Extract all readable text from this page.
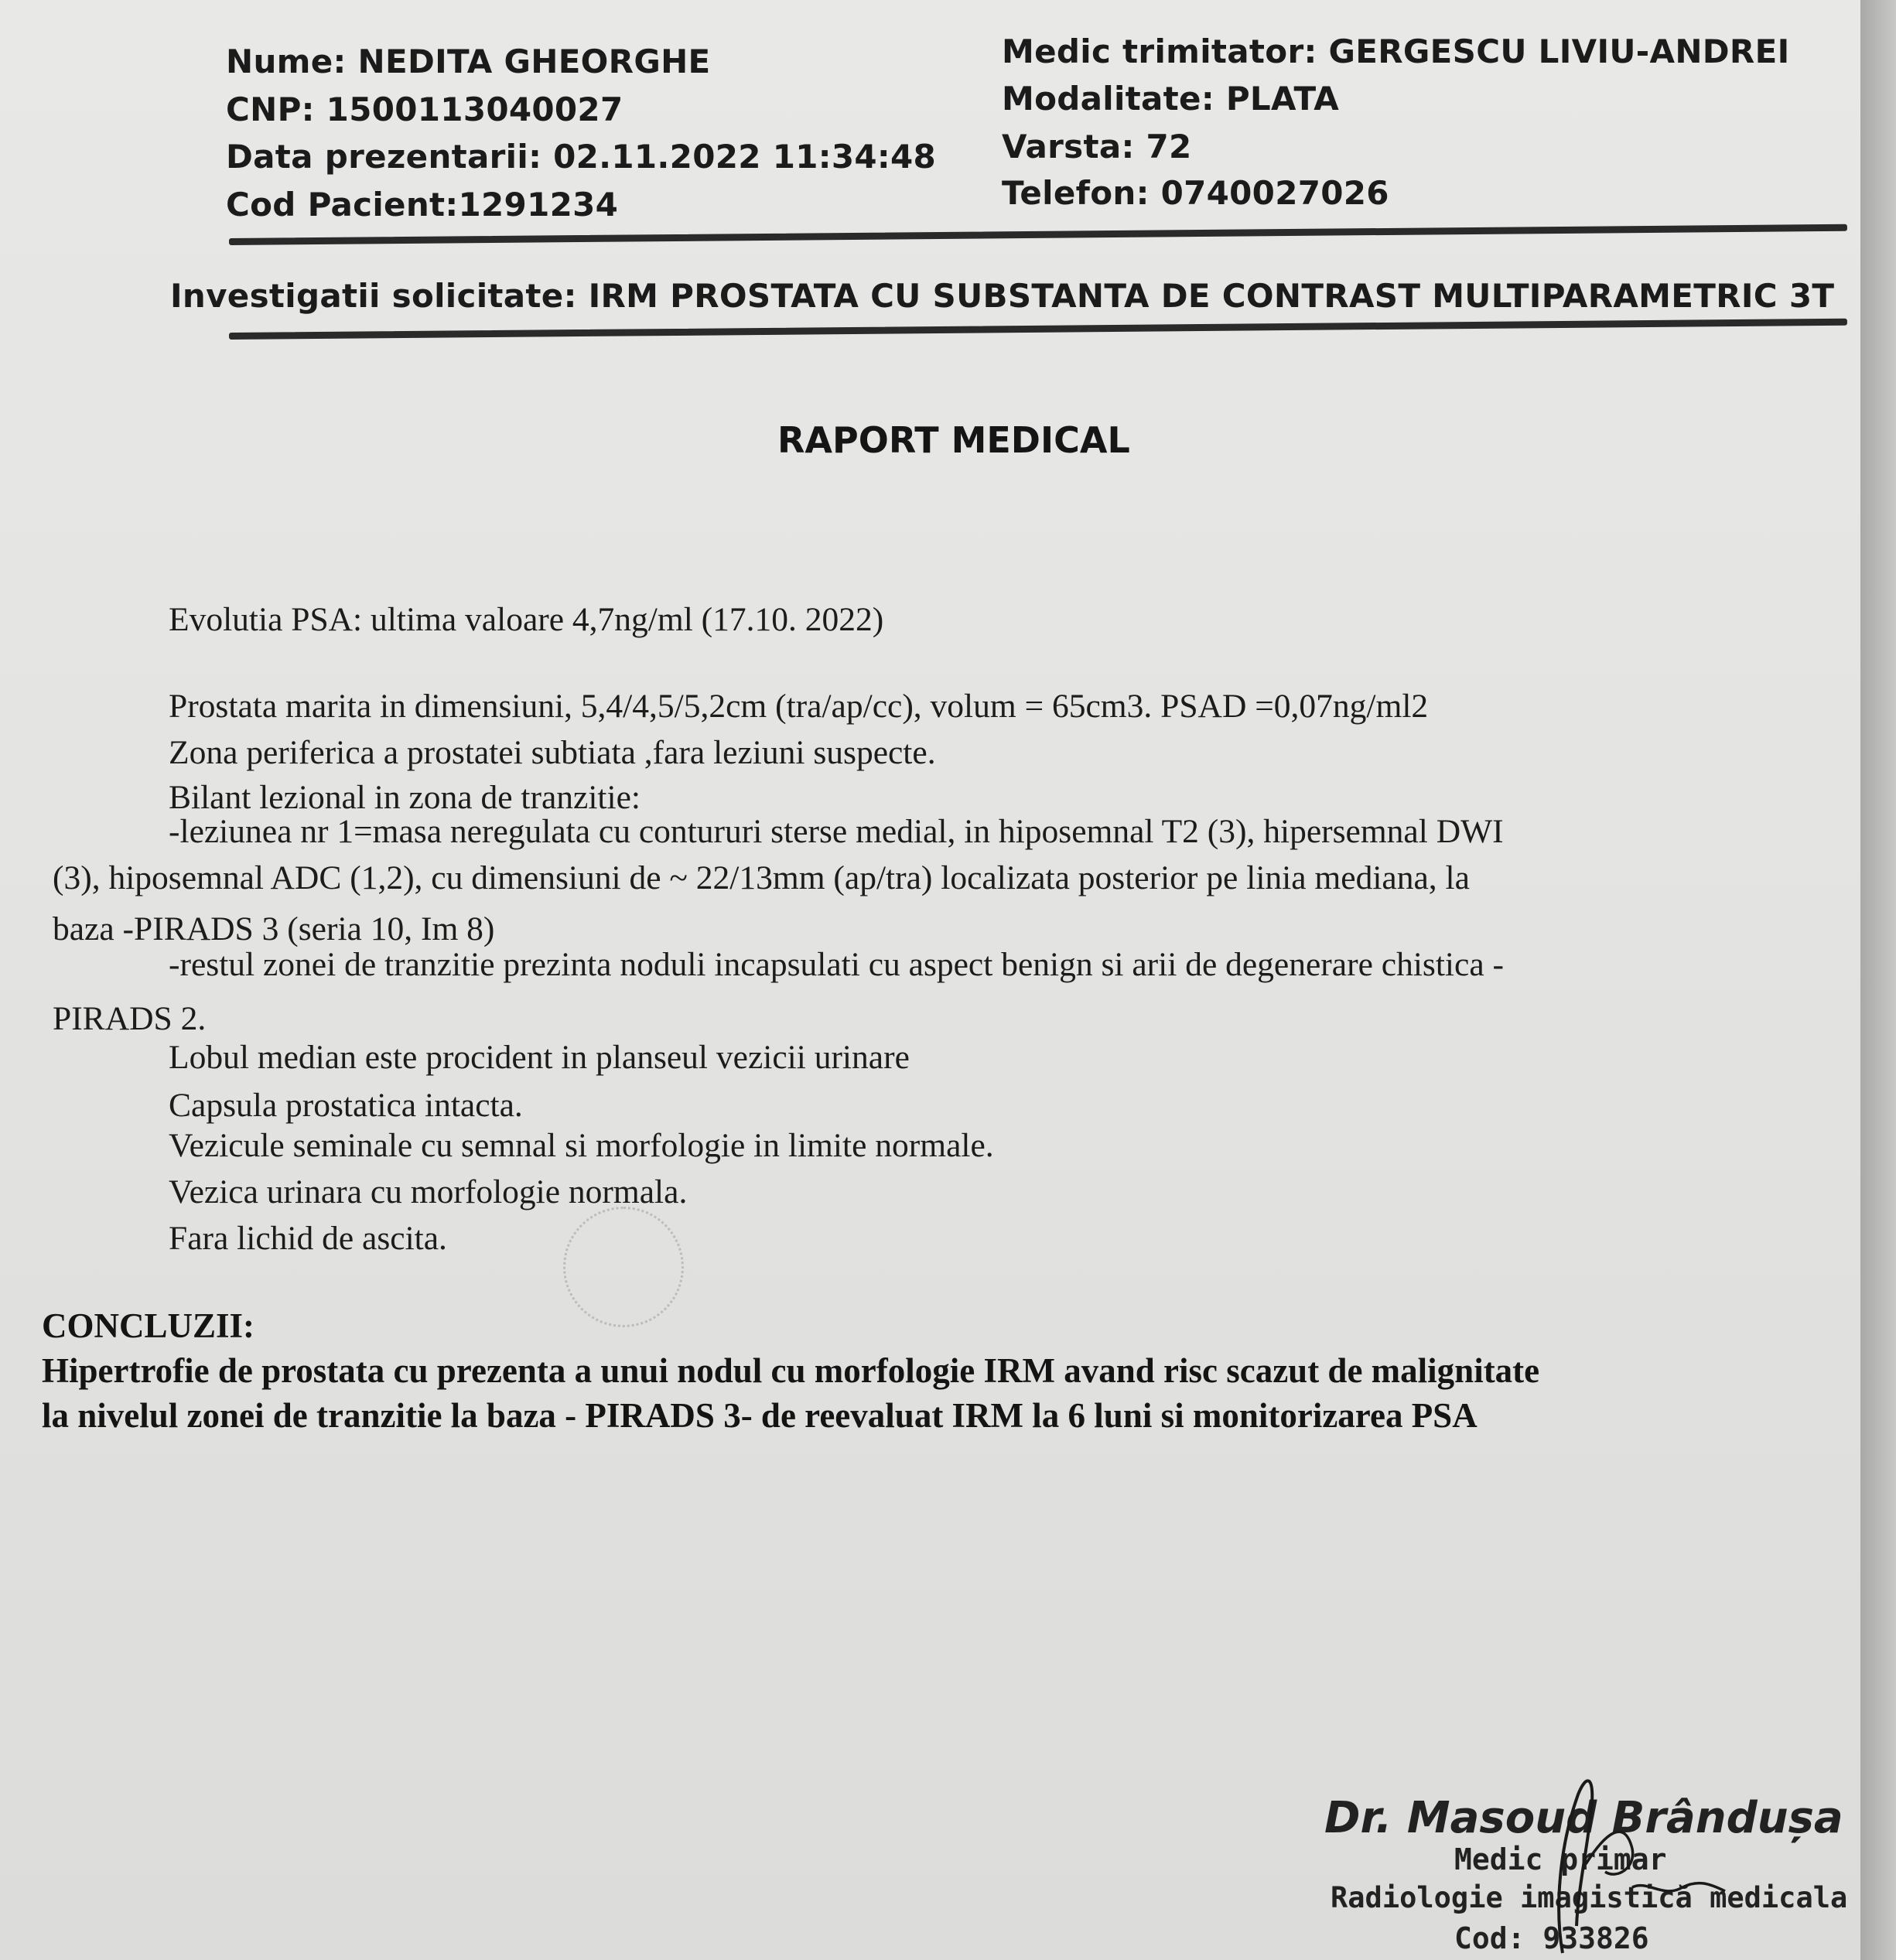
Nume: NEDITA GHEORGHE
CNP: 1500113040027
Data prezentarii: 02.11.2022 11:34:48
Cod Pacient:1291234
Medic trimitator: GERGESCU LIVIU-ANDREI
Modalitate: PLATA
Varsta: 72
Telefon: 0740027026
Investigatii solicitate: IRM PROSTATA CU SUBSTANTA DE CONTRAST MULTIPARAMETRIC 3T
RAPORT MEDICAL
Evolutia PSA: ultima valoare 4,7ng/ml (17.10. 2022)
Prostata marita in dimensiuni, 5,4/4,5/5,2cm (tra/ap/cc), volum = 65cm3. PSAD =0,07ng/ml2
Zona periferica a prostatei subtiata ,fara leziuni suspecte.
Bilant lezional in zona de tranzitie:
-leziunea nr 1=masa neregulata cu contururi sterse medial, in hiposemnal T2 (3), hipersemnal DWI
(3), hiposemnal ADC (1,2), cu dimensiuni de ~ 22/13mm (ap/tra) localizata posterior pe linia mediana, la
baza -PIRADS 3 (seria 10, Im 8)
-restul zonei de tranzitie prezinta noduli incapsulati cu aspect benign si arii de degenerare chistica -
PIRADS 2.
Lobul median este procident in planseul vezicii urinare
Capsula prostatica intacta.
Vezicule seminale cu semnal si morfologie in limite normale.
Vezica urinara cu morfologie normala.
Fara lichid de ascita.
CONCLUZII:
Hipertrofie de prostata cu prezenta a unui nodul cu morfologie IRM avand risc scazut de malignitate
la nivelul zonei de tranzitie la baza - PIRADS 3- de reevaluat IRM la 6 luni si monitorizarea PSA
Dr. Masoud Brândușa
Medic primar
Radiologie imagistică medicala
Cod: 933826
